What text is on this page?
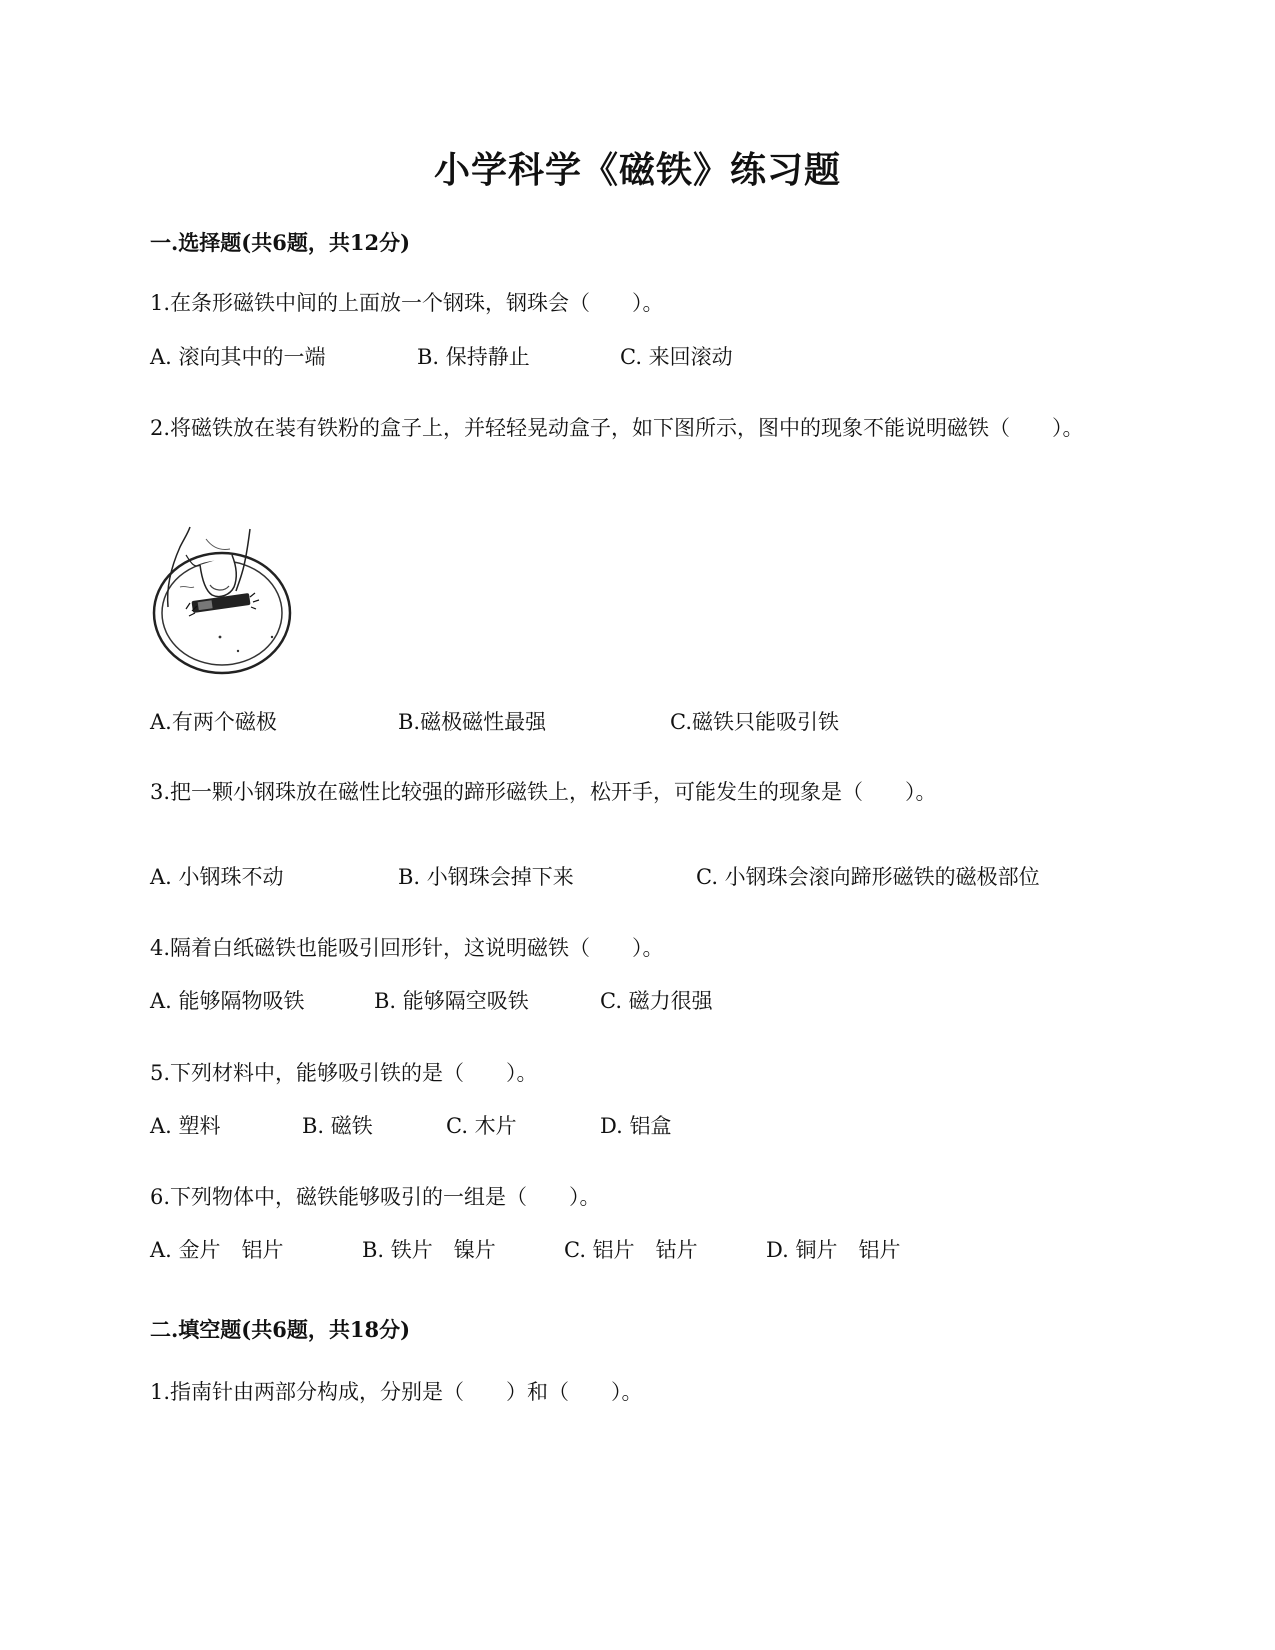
小学科学《磁铁》练习题
一.选择题(共6题，共12分)
1.在条形磁铁中间的上面放一个钢珠，钢珠会（　　）。
A. 滚向其中的一端	B. 保持静止	C. 来回滚动
2.将磁铁放在装有铁粉的盒子上，并轻轻晃动盒子，如下图所示，图中的现象不能说明磁铁（　　）。
A.有两个磁极	B.磁极磁性最强	C.磁铁只能吸引铁
3.把一颗小钢珠放在磁性比较强的蹄形磁铁上，松开手，可能发生的现象是（　　）。
A. 小钢珠不动	B. 小钢珠会掉下来	C. 小钢珠会滚向蹄形磁铁的磁极部位
4.隔着白纸磁铁也能吸引回形针，这说明磁铁（　　）。
A. 能够隔物吸铁	B. 能够隔空吸铁	C. 磁力很强
5.下列材料中，能够吸引铁的是（　　）。
A. 塑料	B. 磁铁	C. 木片	D. 铝盒
6.下列物体中，磁铁能够吸引的一组是（　　）。
A. 金片　铝片	B. 铁片　镍片	C. 铝片　钴片	D. 铜片　铝片
二.填空题(共6题，共18分)
1.指南针由两部分构成，分别是（　　）和（　　）。
